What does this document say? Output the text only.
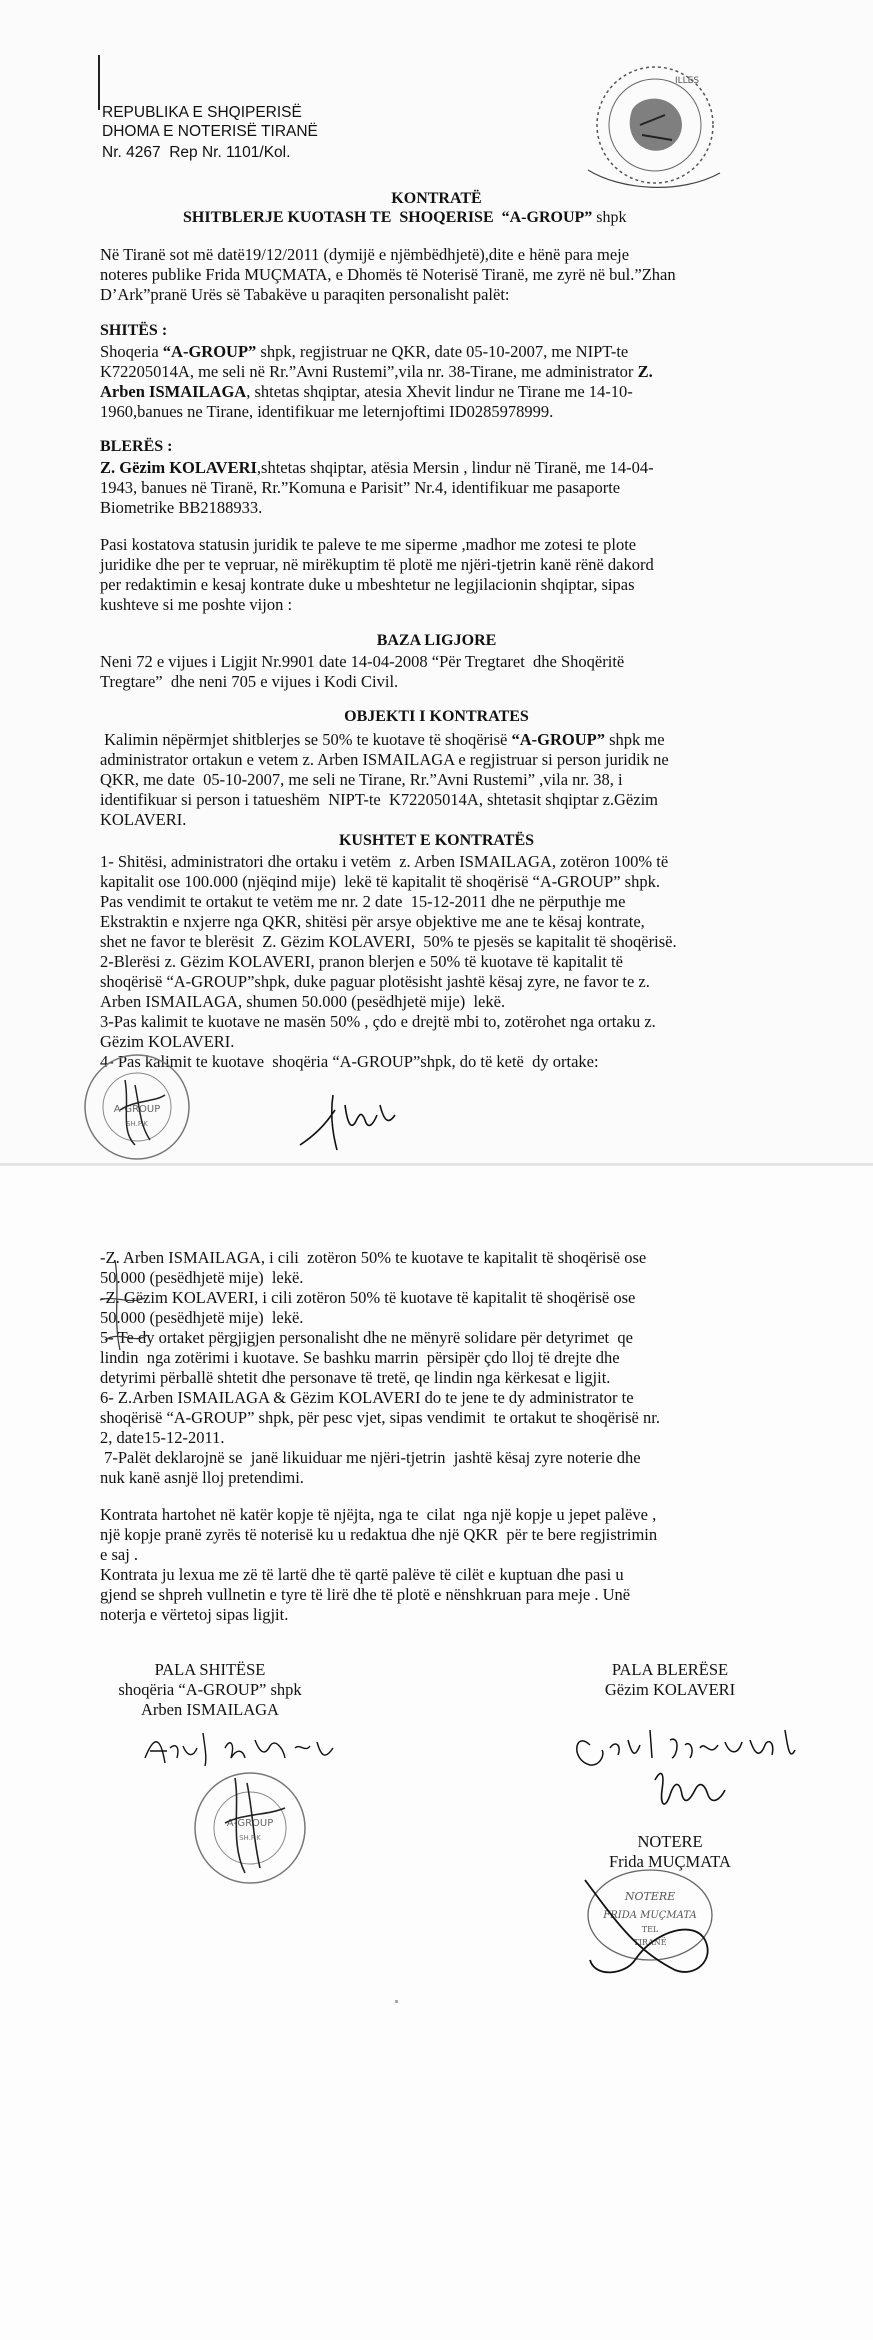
REPUBLIKA E SHQIPERISË
DHOMA E NOTERISË TIRANË
Nr. 4267  Rep Nr. 1101/Kol.
ILLES
KONTRATË
SHITBLERJE KUOTASH TE  SHOQERISE  “A-GROUP” shpk
Në Tiranë sot më datë19/12/2011 (dymijë e njëmbëdhjetë),dite e hënë para meje
noteres publike Frida MUÇMATA, e Dhomës të Noterisë Tiranë, me zyrë në bul.”Zhan
D’Ark”pranë Urës së Tabakëve u paraqiten personalisht palët:
SHITËS :
Shoqeria “A-GROUP” shpk, regjistruar ne QKR, date 05-10-2007, me NIPT-te
K72205014A, me seli në Rr.”Avni Rustemi”,vila nr. 38-Tirane, me administrator Z.
Arben ISMAILAGA, shtetas shqiptar, atesia Xhevit lindur ne Tirane me 14-10-
1960,banues ne Tirane, identifikuar me leternjoftimi ID0285978999.
BLERËS :
Z. Gëzim KOLAVERI,shtetas shqiptar, atësia Mersin , lindur në Tiranë, me 14-04-
1943, banues në Tiranë, Rr.”Komuna e Parisit” Nr.4, identifikuar me pasaporte
Biometrike BB2188933.
Pasi kostatova statusin juridik te paleve te me siperme ,madhor me zotesi te plote
juridike dhe per te vepruar, në mirëkuptim të plotë me njëri-tjetrin kanë rënë dakord
per redaktimin e kesaj kontrate duke u mbeshtetur ne legjilacionin shqiptar, sipas
kushteve si me poshte vijon :
BAZA LIGJORE
Neni 72 e vijues i Ligjit Nr.9901 date 14-04-2008 “Për Tregtaret  dhe Shoqëritë
Tregtare”  dhe neni 705 e vijues i Kodi Civil.
OBJEKTI I KONTRATES
Kalimin nëpërmjet shitblerjes se 50% te kuotave të shoqërisë “A-GROUP” shpk me
administrator ortakun e vetem z. Arben ISMAILAGA e regjistruar si person juridik ne
QKR, me date  05-10-2007, me seli ne Tirane, Rr.”Avni Rustemi” ,vila nr. 38, i
identifikuar si person i tatueshëm  NIPT-te  K72205014A, shtetasit shqiptar z.Gëzim
KOLAVERI.
KUSHTET E KONTRATËS
1- Shitësi, administratori dhe ortaku i vetëm  z. Arben ISMAILAGA, zotëron 100% të
kapitalit ose 100.000 (njëqind mije)  lekë të kapitalit të shoqërisë “A-GROUP” shpk.
Pas vendimit te ortakut te vetëm me nr. 2 date  15-12-2011 dhe ne përputhje me
Ekstraktin e nxjerre nga QKR, shitësi për arsye objektive me ane te kësaj kontrate,
shet ne favor te blerësit  Z. Gëzim KOLAVERI,  50% te pjesës se kapitalit të shoqërisë.
2-Blerësi z. Gëzim KOLAVERI, pranon blerjen e 50% të kuotave të kapitalit të
shoqërisë “A-GROUP”shpk, duke paguar plotësisht jashtë kësaj zyre, ne favor te z.
Arben ISMAILAGA, shumen 50.000 (pesëdhjetë mije)  lekë.
3-Pas kalimit te kuotave ne masën 50% , çdo e drejtë mbi to, zotërohet nga ortaku z.
Gëzim KOLAVERI.
4- Pas kalimit te kuotave  shoqëria “A-GROUP”shpk, do të ketë  dy ortake:
A-GROUP
SH.P.K
-Z. Arben ISMAILAGA, i cili  zotëron 50% te kuotave te kapitalit të shoqërisë ose
50.000 (pesëdhjetë mije)  lekë.
-Z. Gëzim KOLAVERI, i cili zotëron 50% të kuotave të kapitalit të shoqërisë ose
50.000 (pesëdhjetë mije)  lekë.
5- Te dy ortaket përgjigjen personalisht dhe ne mënyrë solidare për detyrimet  qe
lindin  nga zotërimi i kuotave. Se bashku marrin  përsipër çdo lloj të drejte dhe
detyrimi përballë shtetit dhe personave të tretë, qe lindin nga kërkesat e ligjit.
6- Z.Arben ISMAILAGA & Gëzim KOLAVERI do te jene te dy administrator te
shoqërisë “A-GROUP” shpk, për pesc vjet, sipas vendimit  te ortakut te shoqërisë nr.
2, date15-12-2011.
7-Palët deklarojnë se  janë likuiduar me njëri-tjetrin  jashtë kësaj zyre noterie dhe
nuk kanë asnjë lloj pretendimi.
Kontrata hartohet në katër kopje të njëjta, nga te  cilat  nga një kopje u jepet palëve ,
një kopje pranë zyrës të noterisë ku u redaktua dhe një QKR  për te bere regjistrimin
e saj .
Kontrata ju lexua me zë të lartë dhe të qartë palëve të cilët e kuptuan dhe pasi u
gjend se shpreh vullnetin e tyre të lirë dhe të plotë e nënshkruan para meje . Unë
noterja e vërtetoj sipas ligjit.
PALA SHITËSE
shoqëria “A-GROUP” shpk
Arben ISMAILAGA
PALA BLERËSE
Gëzim KOLAVERI
NOTERE
Frida MUÇMATA
A-GROUP
SH.P.K
NOTERE
FRIDA MUÇMATA
TEL
TIRANË
